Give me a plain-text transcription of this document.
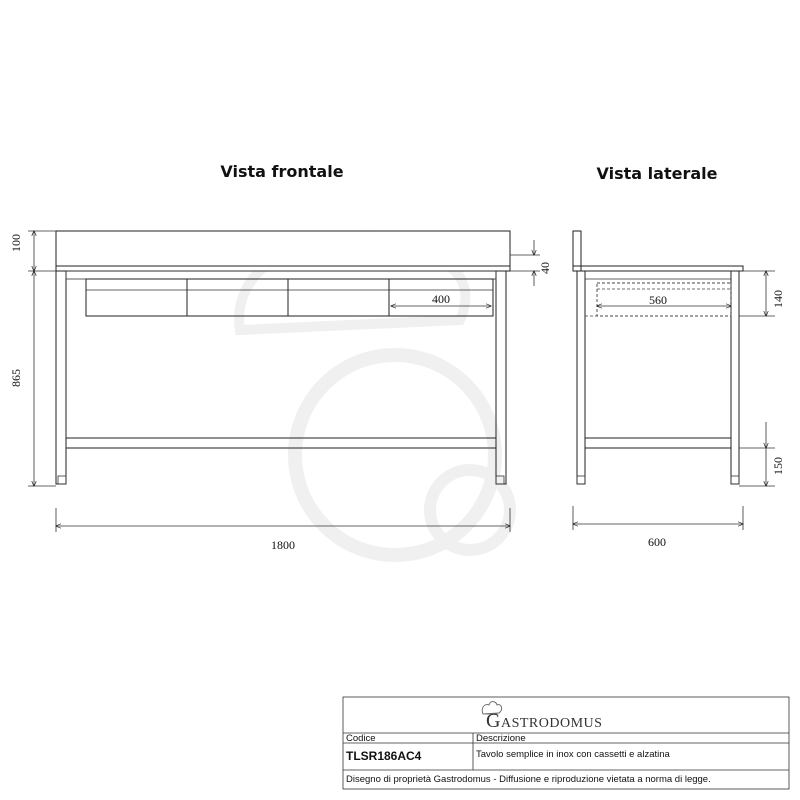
Vista frontale
100
865
40
400
1800
Vista laterale
560	140
150
600
GASTRODOMUS
Codice
TLSR186AC4
Descrizione
Tavolo semplice in inox con cassetti e alzatina
Disegno di proprietà Gastrodomus - Diffusione e riproduzione vietata a norma di legge.
